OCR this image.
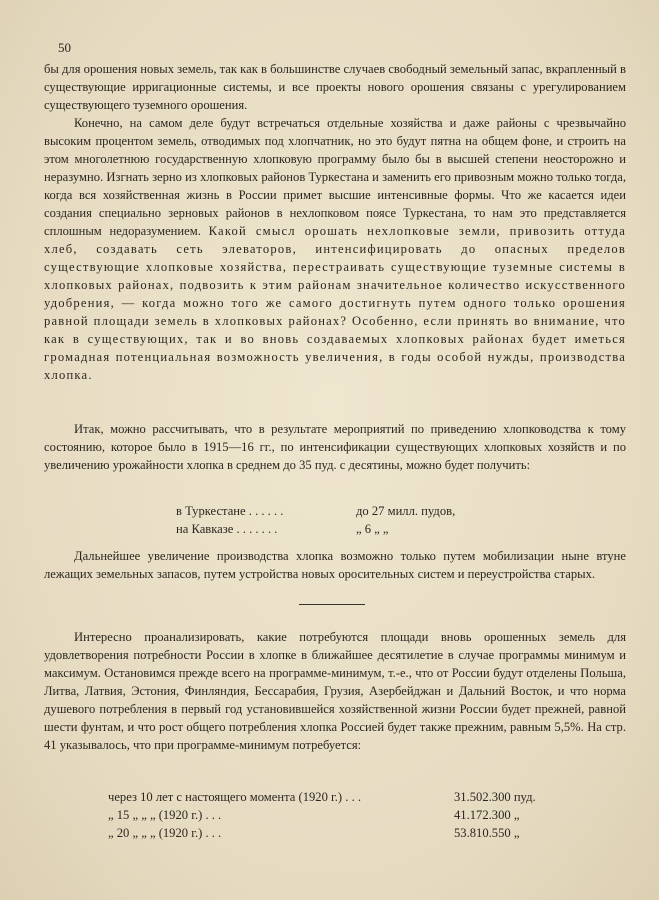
50

бы для орошения новых земель, так как в большинстве случаев свободный земельный запас, вкрапленный в существующие ирригационные системы, и все проекты нового орошения связаны с урегулированием существующего туземного орошения.

Конечно, на самом деле будут встречаться отдельные хозяйства и даже районы с чрезвычайно высоким процентом земель, отводимых под хлопчатник, но это будут пятна на общем фоне, и строить на этом многолетнюю государственную хлопковую программу было бы в высшей степени неосторожно и неразумно. Изгнать зерно из хлопковых районов Туркестана и заменить его привозным можно только тогда, когда вся хозяйственная жизнь в России примет высшие интенсивные формы. Что же касается идеи создания специально зерновых районов в нехлопковом поясе Туркестана, то нам это представляется сплошным недоразумением. Какой смысл орошать нехлопковые земли, привозить оттуда хлеб, создавать сеть элеваторов, интенсифицировать до опасных пределов существующие хлопковые хозяйства, перестраивать существующие туземные системы в хлопковых районах, подвозить к этим районам значительное количество искусственного удобрения, — когда можно того же самого достигнуть путем одного только орошения равной площади земель в хлопковых районах? Особенно, если принять во внимание, что как в существующих, так и во вновь создаваемых хлопковых районах будет иметься громадная потенциальная возможность увеличения, в годы особой нужды, производства хлопка.

Итак, можно рассчитывать, что в результате мероприятий по приведению хлопководства к тому состоянию, которое было в 1915—16 гг., по интенсификации существующих хлопковых хозяйств и по увеличению урожайности хлопка в среднем до 35 пуд. с десятины, можно будет получить:

в Туркестане . . . . . .	до 27 милл. пудов,
на Кавказе . . . . . . .	„ 6 „ „

Дальнейшее увеличение производства хлопка возможно только путем мобилизации ныне втуне лежащих земельных запасов, путем устройства новых оросительных систем и переустройства старых.

Интересно проанализировать, какие потребуются площади вновь орошенных земель для удовлетворения потребности России в хлопке в ближайшее десятилетие в случае программы минимум и максимум. Остановимся прежде всего на программе-минимум, т.-е., что от России будут отделены Польша, Литва, Латвия, Эстония, Финляндия, Бессарабия, Грузия, Азербейджан и Дальний Восток, и что норма душевого потребления в первый год установившейся хозяйственной жизни России будет прежней, равной шести фунтам, и что рост общего потребления хлопка Россией будет также прежним, равным 5,5%. На стр. 41 указывалось, что при программе-минимум потребуется:

через 10 лет с настоящего момента (1920 г.) . . .	31.502.300 пуд.
„ 15 „ „ „ (1920 г.) . . .	41.172.300 „
„ 20 „ „ „ (1920 г.) . . .	53.810.550 „
